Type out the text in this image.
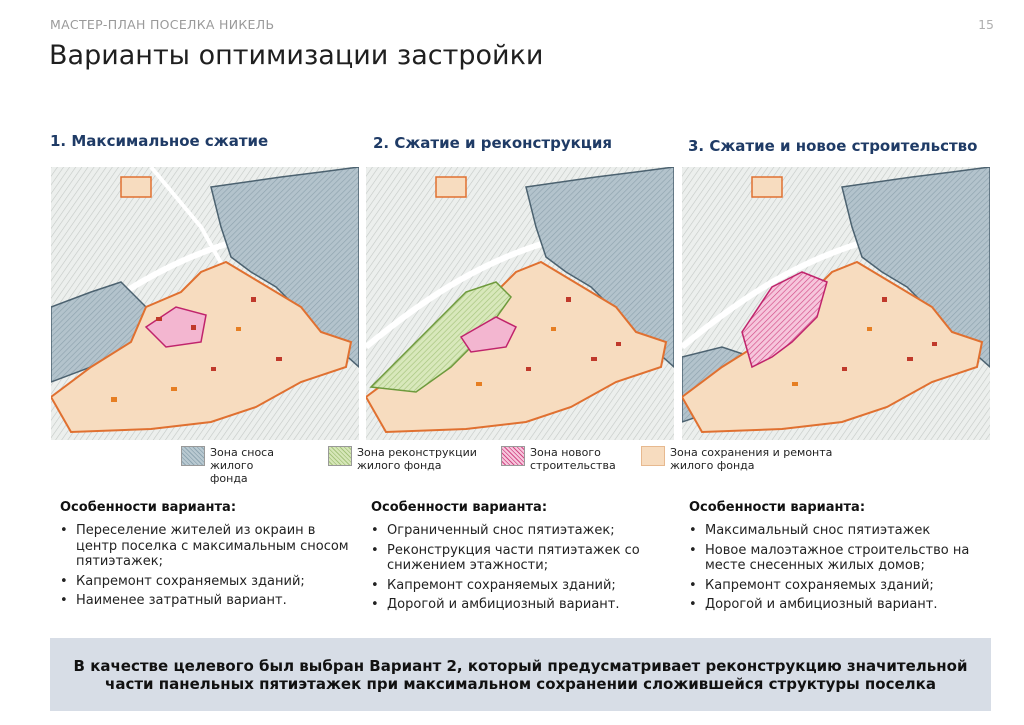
МАСТЕР-ПЛАН ПОСЕЛКА НИКЕЛЬ	15
Варианты оптимизации застройки
1. Максимальное сжатие	2. Сжатие и реконструкция	3. Сжатие и новое строительство
Зона сноса жилого фонда
Зона реконструкции жилого фонда
Зона нового строительства
Зона сохранения и ремонта жилого фонда
Особенности варианта:
• Переселение жителей из окраин в центр поселка с максимальным сносом пятиэтажек;
• Капремонт сохраняемых зданий;
• Наименее затратный вариант.
Особенности варианта:
• Ограниченный снос пятиэтажек;
• Реконструкция части пятиэтажек со снижением этажности;
• Капремонт сохраняемых зданий;
• Дорогой и амбициозный вариант.
Особенности варианта:
• Максимальный снос пятиэтажек
• Новое малоэтажное строительство на месте снесенных жилых домов;
• Капремонт сохраняемых зданий;
• Дорогой и амбициозный вариант.

В качестве целевого был выбран Вариант 2, который предусматривает реконструкцию значительной части панельных пятиэтажек при максимальном сохранении сложившейся структуры поселка
